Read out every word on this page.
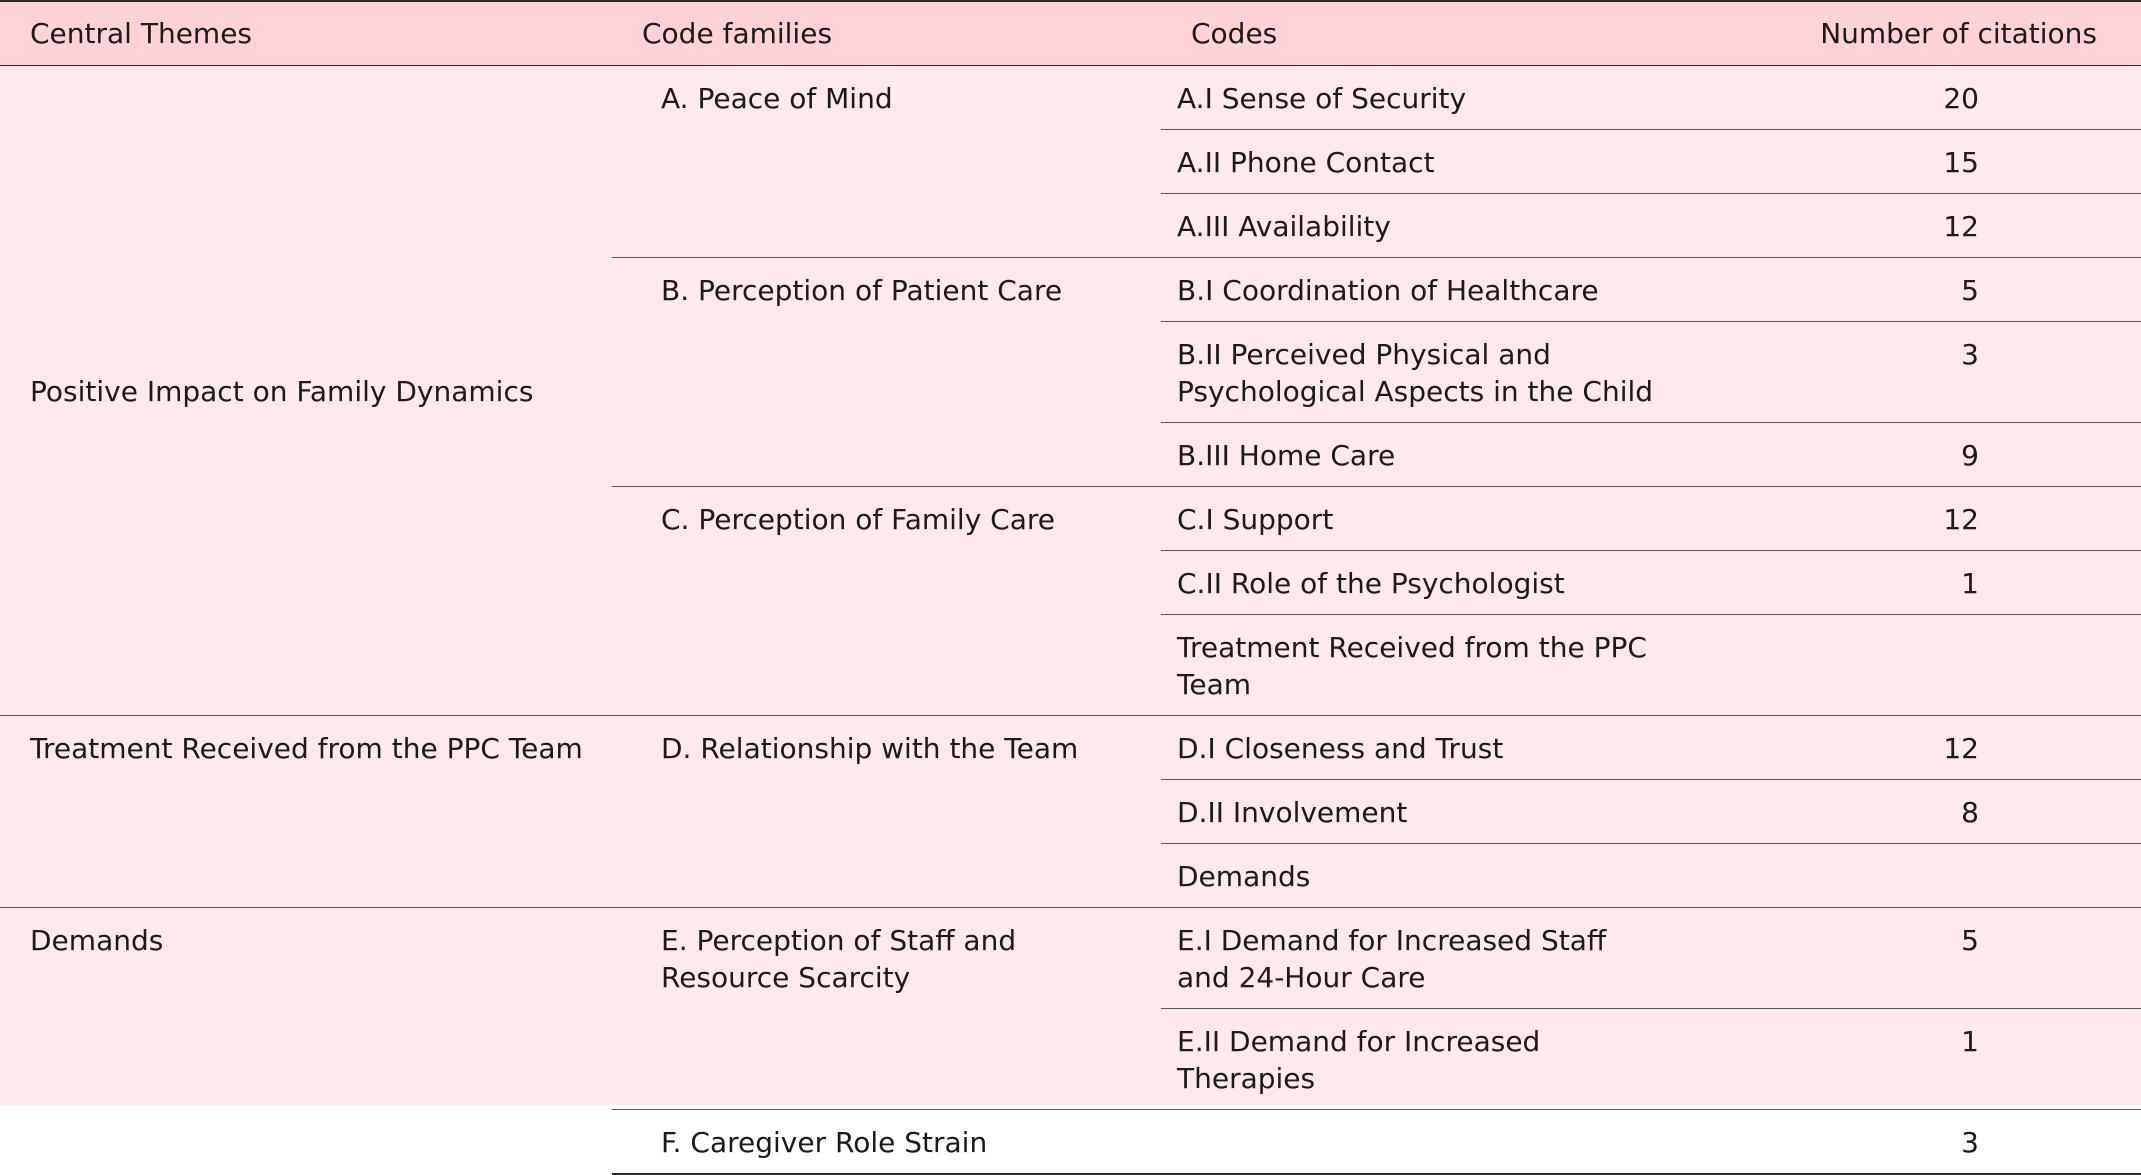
Central Themes	Code families	Codes	Number of citations
Positive Impact on Family Dynamics	A. Peace of Mind	A.I Sense of Security	20
		A.II Phone Contact	15
		A.III Availability	12
	B. Perception of Patient Care	B.I Coordination of Healthcare	5
		B.II Perceived Physical and Psychological Aspects in the Child	3
		B.III Home Care	9
	C. Perception of Family Care	C.I Support	12
		C.II Role of the Psychologist	1
		Treatment Received from the PPC Team	
Treatment Received from the PPC Team	D. Relationship with the Team	D.I Closeness and Trust	12
		D.II Involvement	8
		Demands	
Demands	E. Perception of Staff and Resource Scarcity	E.I Demand for Increased Staff and 24-Hour Care	5
		E.II Demand for Increased Therapies	1
	F. Caregiver Role Strain		3
